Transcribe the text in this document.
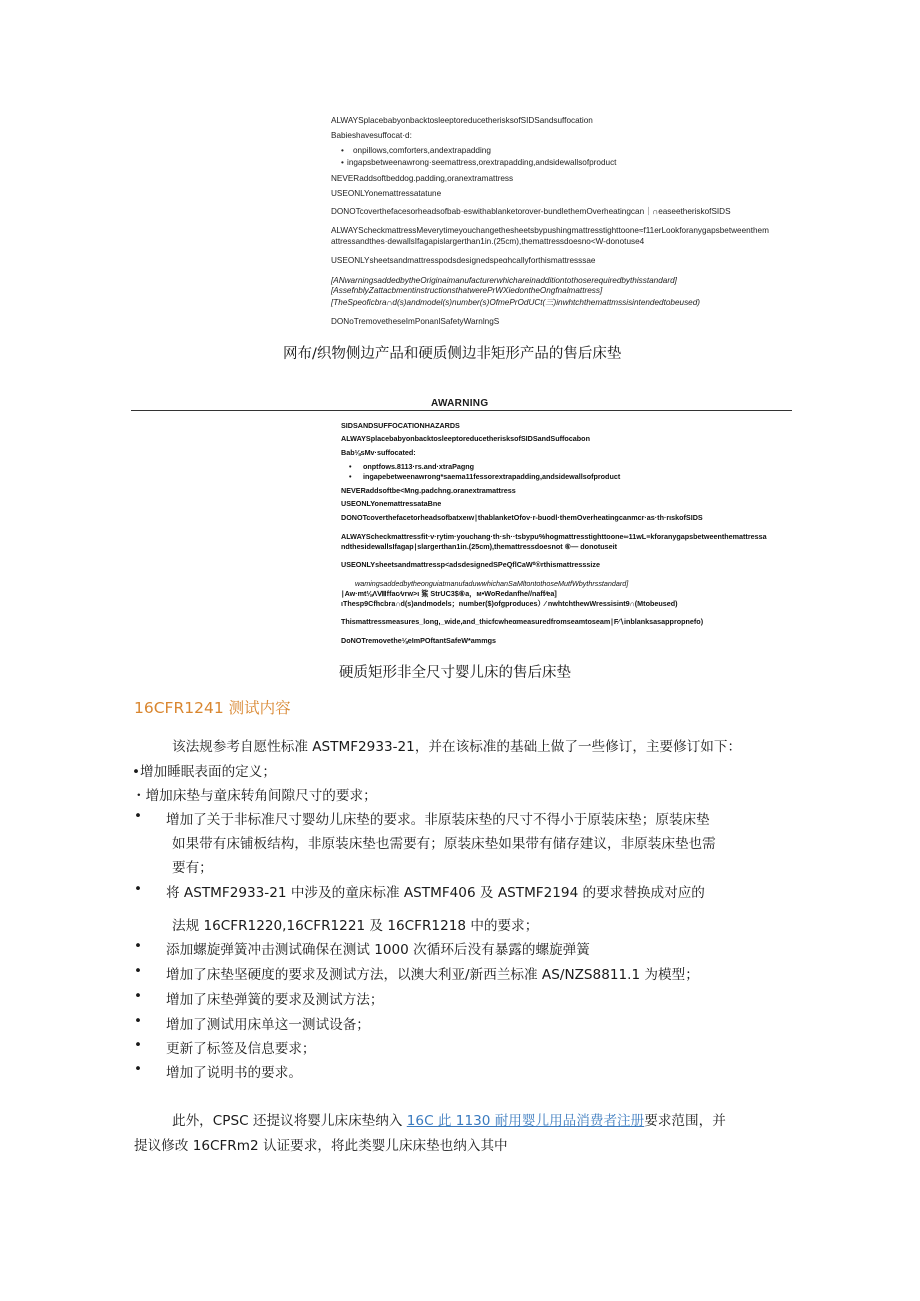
ALWAYSplacebabyonbacktosleeptoreducetherisksofSIDSandsuffocation
Babieshavesuffocat·d:
• onpillows,comforters,andextrapadding
• ingapsbetweenawrong·seemattress,orextrapadding,andsidewallsofproduct
NEVERaddsoftbeddog.padding,oranextramattress
USEONLYonemattressatatune
DONOTcoverthefacesorheadsofbab·eswithablanketorover-bundlethemOverheatingcan｜∩easeetheriskofSIDS
ALWAYScheckmattressMeverytimeyouchangethesheetsbypushingmattresstighttoone≈f11erLookforanygapsbetweenthem
attressandthes·dewallsIfagapislargerthan1in.(25cm),themattressdoesno<W-donotuse4
USEONLYsheetsandmattresspodsdesignedspeαhcallyforthismattresssae
[ANwarningsaddedbytheOriginaimanufacturerwhichareinadditiontothoserequiredbythisstandard]
[AssefnblyZattacbmentinstructionsthatwerePrWXiedontheOngfnalmattress]
[TheSpeoficbra∩d(s)andmodel(s)number(s)OfmePrOdUCt(三)inwhtchthemattmssisintendedtobeused)
DONoTremovetheseImPonanlSafetyWarnlngS
网布/织物侧边产品和硬质侧边非矩形产品的售后床垫
AWARNING
SIDSANDSUFFOCATIONHAZARDS
ALWAYSplacebabyonbacktosleeptoreducetherisksofSIDSandSuffocabon
Bab⅛sMv·suffocated:
• onptfows.8113·rs.and·xtraPagng
• ingapebetweenawrong*saema11fessorextrapadding,andsidewallsofproduct
NEVERaddsoftbe<Mng.padchng.oranextramattress
USEONLYonemattressataBne
DONOTcoverthefacetorheadsofbatxeιw∣thablanketOfov·r-buodl·themOverheatingcanmcr·as·th·rιskofSIDS
ALWAYScheckmattressfit·v·rytim·youchang·th·sh··tsbypu%hogmattresstighttoone∞11wL≡kforanygapsbetweenthemattressa
ndthesidewallsIfagap∣slargerthan1in.(25cm),themattressdoesnot ⑥— donotuseit
USEONLYsheetsandmattressp<adsdesignedSPeQflCaW⁰®rthismattresssize
wamingsaddedbytheonguiatmanufaduwwhichanSaMltontothoseMutfWbythrsstandard]
∣Aw·mt⅛ΛⅧffac∕vrw>ι 鯊 StrUC3$⑥a，м•WoRedanfhe//naff∕ea]
ιThesp9Cfhcbra∩d(s)andmodels；number($)ofgproduces）∕ nwhtchthewWressisint9∩(Mtobeused)
Thismattressmeasures_long,_wide,and_thicfcwheαmeasuredfromseamtoseam∣F∕∖inblanksasappropnefo)
DoNOTremovethe⅛eImPOftantSafeW*ammgs
硬质矩形非全尺寸婴儿床的售后床垫
16CFR1241 测试内容
该法规参考自愿性标准 ASTMF2933-21，并在该标准的基础上做了一些修订，主要修订如下：
•增加睡眠表面的定义；
・增加床垫与童床转角间隙尺寸的要求；
• 增加了关于非标准尺寸婴幼儿床垫的要求。非原装床垫的尺寸不得小于原装床垫；原装床垫
如果带有床铺板结构，非原装床垫也需要有；原装床垫如果带有储存建议，非原装床垫也需
要有；
• 将 ASTMF2933-21 中涉及的童床标准 ASTMF406 及 ASTMF2194 的要求替换成对应的
法规 16CFR1220,16CFR1221 及 16CFR1218 中的要求；
• 添加螺旋弹簧冲击测试确保在测试 1000 次循环后没有暴露的螺旋弹簧
• 增加了床垫坚硬度的要求及测试方法，以澳大利亚/新西兰标准 AS/NZS8811.1 为模型；
• 增加了床垫弹簧的要求及测试方法；
• 增加了测试用床单这一测试设备；
• 更新了标签及信息要求；
• 增加了说明书的要求。
此外，CPSC 还提议将婴儿床床垫纳入 16C 此 1130 耐用婴儿用品消费者注册要求范围，并
提议修改 16CFRm2 认证要求，将此类婴儿床床垫也纳入其中
